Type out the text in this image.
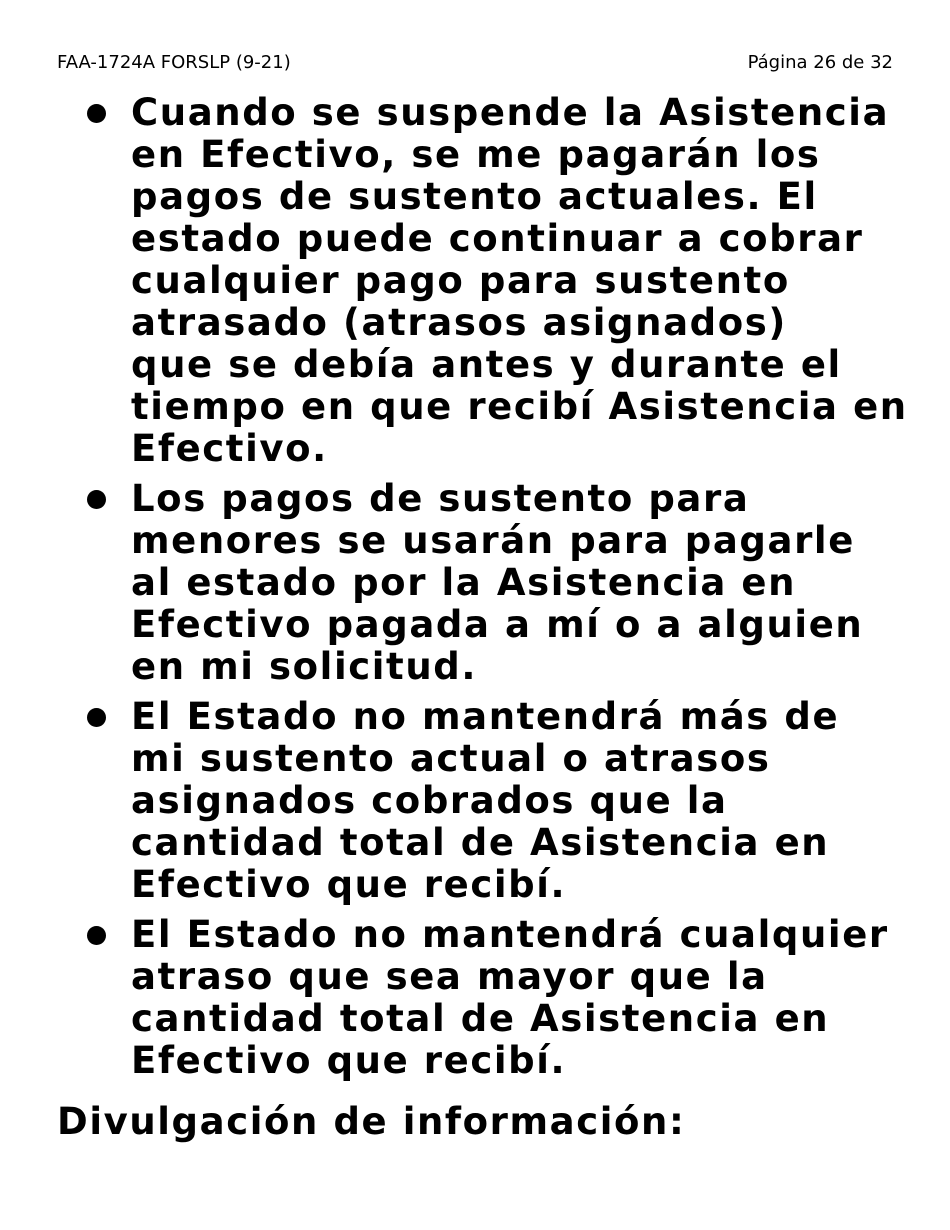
FAA-1724A FORSLP (9-21)	Página 26 de 32
Cuando se suspende la Asistencia
en Efectivo, se me pagarán los
pagos de sustento actuales. El
estado puede continuar a cobrar
cualquier pago para sustento
atrasado (atrasos asignados)
que se debía antes y durante el
tiempo en que recibí Asistencia en
Efectivo.
Los pagos de sustento para
menores se usarán para pagarle
al estado por la Asistencia en
Efectivo pagada a mí o a alguien
en mi solicitud.
El Estado no mantendrá más de
mi sustento actual o atrasos
asignados cobrados que la
cantidad total de Asistencia en
Efectivo que recibí.
El Estado no mantendrá cualquier
atraso que sea mayor que la
cantidad total de Asistencia en
Efectivo que recibí.
Divulgación de información:
